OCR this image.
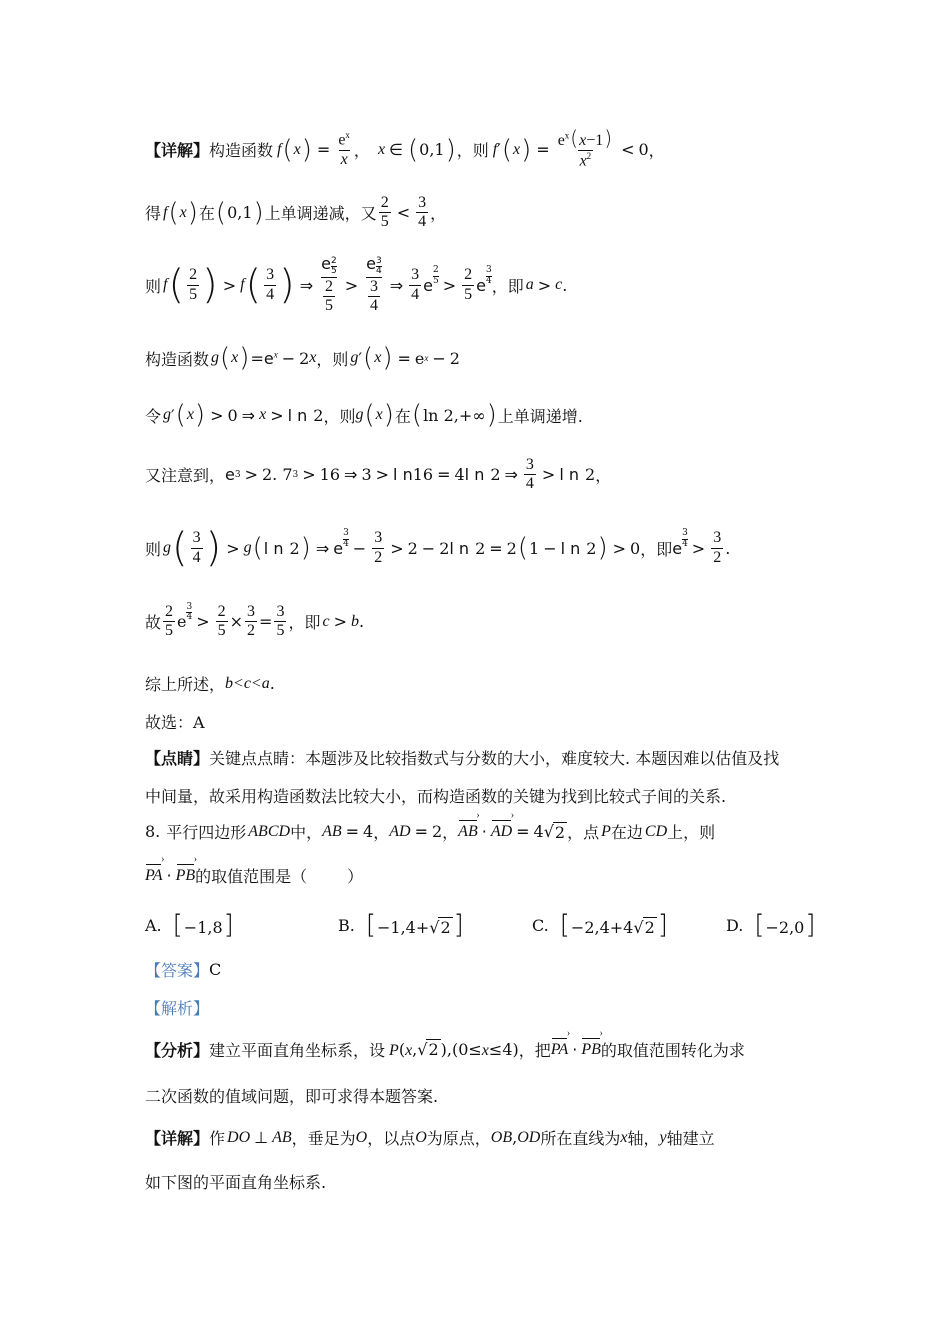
【详解】 构造函数 f ( x ) = $\frac{e^x}{x}$ ， x ∈ ( 0,1 ) ，则 f ′ ( x ) = $\frac{e^x(x-1)}{x^2} < 0$ ，
得 f ( x ) 在 ( 0,1 ) 上单调递减，又 $\frac{2}{5} < \frac{3}{4}$ ，
则 f ( $\frac{2}{5}$ ) > f ( $\frac{3}{4}$ ) ⇒ $\frac{e \frac{2}{5}}{\frac{2}{5}} > \frac{e \frac{3}{4}}{\frac{3}{4}}$ ⇒ $\frac{3}{4}$ e
2
$5 > \frac{2}{5}$ e
3
4 ，即 a > c .
构造函数 g ( x ) $=e^x - 2$ x ，则 g ′ ( x ) = e x − 2
令 g ′ ( x ) > 0 ⇒ x > l n 2 ，则 g ( x ) 在 ( ln 2,+∞ ) 上单调递增.
又注意到， e 3 > 2. 7 3 > 16 ⇒ 3 > l n 16 = 4 l n 2 ⇒ $\frac{3}{4} > l$ n 2 ，
则 g ( $\frac{3}{4}$ ) > g ( l n 2 ) ⇒ e
3
$4 - \frac{3}{2} > 2 - 2$ l n 2 = 2 ( 1 − l n 2 ) > 0 ，即 e
3
$4 > \frac{3}{2}$ .
故 $\frac{2}{5}$ e
3
$4 > \frac{2}{5} \times \frac{3}{2} = \frac{3}{5}$ ，即 c > b .
综上所述， b<c<a .
故选：A
【点睛】 关键点点睛：本题涉及比较指数式与分数的大小，难度较大. 本题因难以估值及找
中间量，故采用构造函数法比较大小，而构造函数的关键为找到比较式子间的关系.
8. 平行四边形 ABCD 中， AB = 4 ， AD = 2 ， AB › · AD › = 4√ 2 ，点 P 在边 CD 上，则
PA › · PB › 的取值范围是（	）
A. [−1,8]	B. [−1,4+√2 ]	C. [−2,4+4√2 ]	D. [−2,0]
【答案】 C
【解析】
【分析】 建立平面直角坐标系，设 P(x,√2 ),(0≤x≤4) ，把 PA › · PB › 的取值范围转化为求
二次函数的值域问题，即可求得本题答案.
【详解】 作 DO ⊥ AB ，垂足为 O ，以点 O 为原点， OB , OD 所在直线为 x 轴， y 轴建立
如下图的平面直角坐标系.
